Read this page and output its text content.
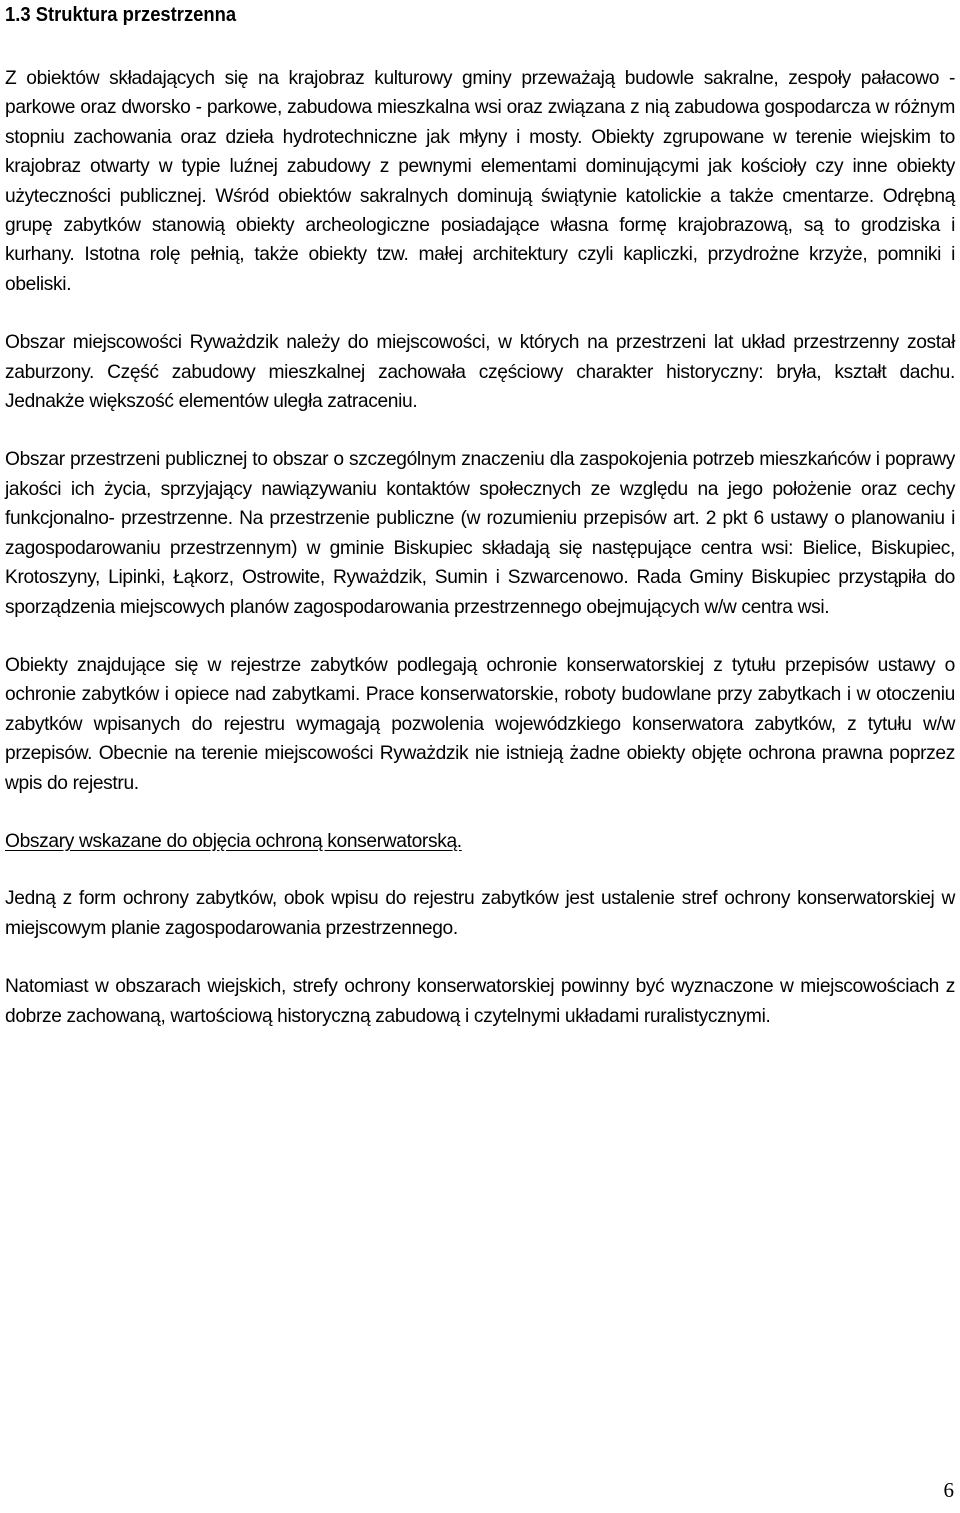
1.3 Struktura przestrzenna

Z obiektów składających się na krajobraz kulturowy gminy przeważają budowle sakralne, zespoły pałacowo - parkowe oraz dworsko - parkowe, zabudowa mieszkalna wsi oraz związana z nią zabudowa gospodarcza w różnym stopniu zachowania oraz dzieła hydrotechniczne jak młyny i mosty. Obiekty zgrupowane w terenie wiejskim to krajobraz otwarty w typie luźnej zabudowy z pewnymi elementami dominującymi jak kościoły czy inne obiekty użyteczności publicznej. Wśród obiektów sakralnych dominują świątynie katolickie a także cmentarze. Odrębną grupę zabytków stanowią obiekty archeologiczne posiadające własna formę krajobrazową, są to grodziska i kurhany. Istotna rolę pełnią, także obiekty tzw. małej architektury czyli kapliczki, przydrożne krzyże, pomniki i obeliski.

Obszar miejscowości Ryważdzik należy do miejscowości, w których na przestrzeni lat układ przestrzenny został zaburzony. Część zabudowy mieszkalnej zachowała częściowy charakter historyczny: bryła, kształt dachu. Jednakże większość elementów uległa zatraceniu.

Obszar przestrzeni publicznej to obszar o szczególnym znaczeniu dla zaspokojenia potrzeb mieszkańców i poprawy jakości ich życia, sprzyjający nawiązywaniu kontaktów społecznych ze względu na jego położenie oraz cechy funkcjonalno- przestrzenne. Na przestrzenie publiczne (w rozumieniu przepisów art. 2 pkt 6 ustawy o planowaniu i zagospodarowaniu przestrzennym) w gminie Biskupiec składają się następujące centra wsi: Bielice, Biskupiec, Krotoszyny, Lipinki, Łąkorz, Ostrowite, Ryważdzik, Sumin i Szwarcenowo. Rada Gminy Biskupiec przystąpiła do sporządzenia miejscowych planów zagospodarowania przestrzennego obejmujących w/w centra wsi.

Obiekty znajdujące się w rejestrze zabytków podlegają ochronie konserwatorskiej z tytułu przepisów ustawy o ochronie zabytków i opiece nad zabytkami. Prace konserwatorskie, roboty budowlane przy zabytkach i w otoczeniu zabytków wpisanych do rejestru wymagają pozwolenia wojewódzkiego konserwatora zabytków, z tytułu w/w przepisów. Obecnie na terenie miejscowości Ryważdzik nie istnieją żadne obiekty objęte ochrona prawna poprzez wpis do rejestru.

Obszary wskazane do objęcia ochroną konserwatorską.

Jedną z form ochrony zabytków, obok wpisu do rejestru zabytków jest ustalenie stref ochrony konserwatorskiej w miejscowym planie zagospodarowania przestrzennego.

Natomiast w obszarach wiejskich, strefy ochrony konserwatorskiej powinny być wyznaczone w miejscowościach z dobrze zachowaną, wartościową historyczną zabudową i czytelnymi układami ruralistycznymi.

6
